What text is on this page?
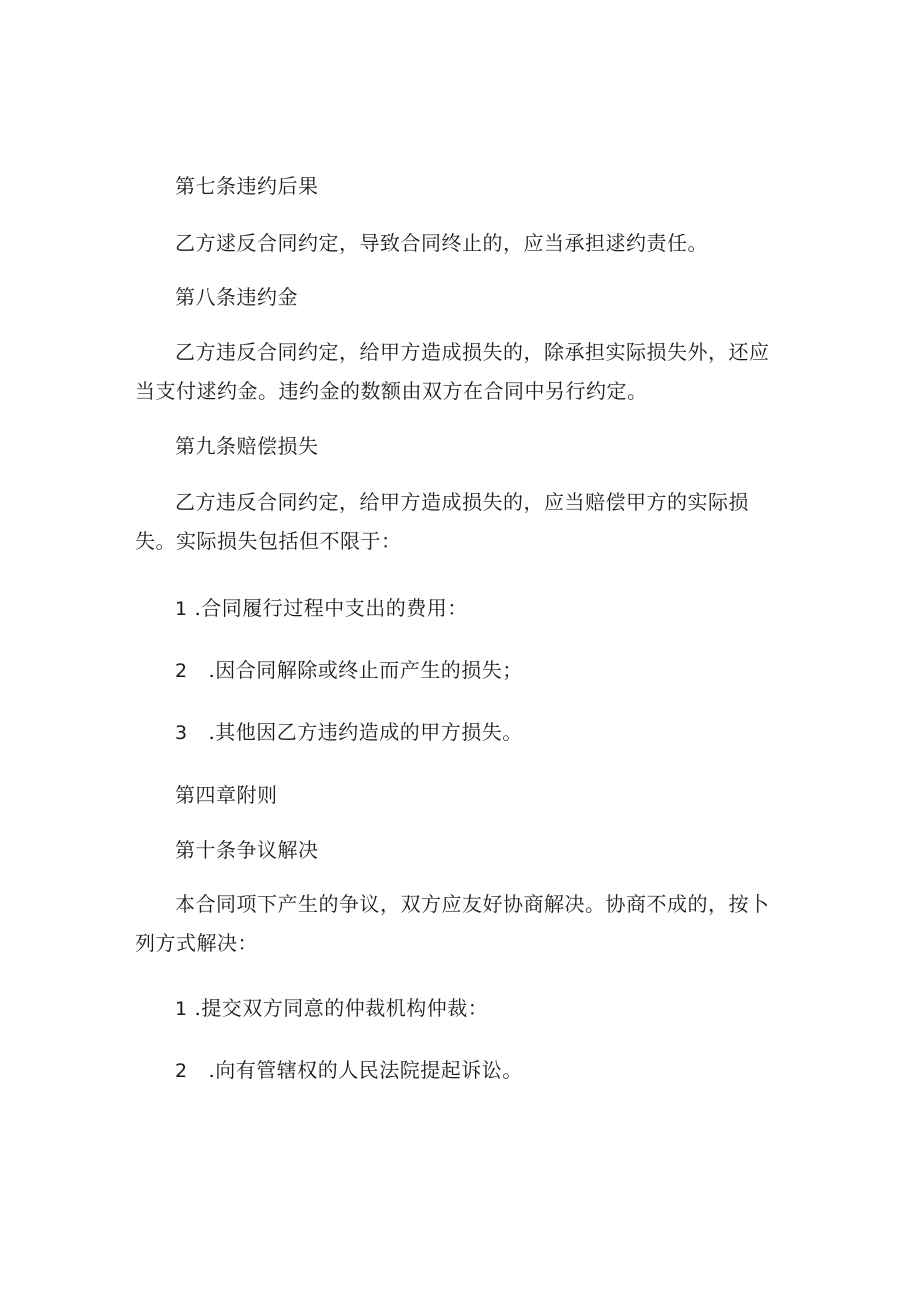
第七条违约后果
乙方逑反合同约定，导致合同终止的，应当承担逑约责任。
第八条违约金
乙方违反合同约定，给甲方造成损失的，除承担实际损失外，还应
当支付逑约金。违约金的数额由双方在合同中另行约定。
第九条赔偿损失
乙方违反合同约定，给甲方造成损失的，应当赔偿甲方的实际损
失。实际损失包括但不限于：
1 .合同履行过程中支出的费用：
2 .因合同解除或终止而产生的损失；
3 .其他因乙方违约造成的甲方损失。
第四章附则
第十条争议解决
本合同项下产生的争议，双方应友好协商解决。协商不成的，按卜
列方式解决：
1 .提交双方同意的仲裁机构仲裁：
2 .向有管辖权的人民法院提起诉讼。
